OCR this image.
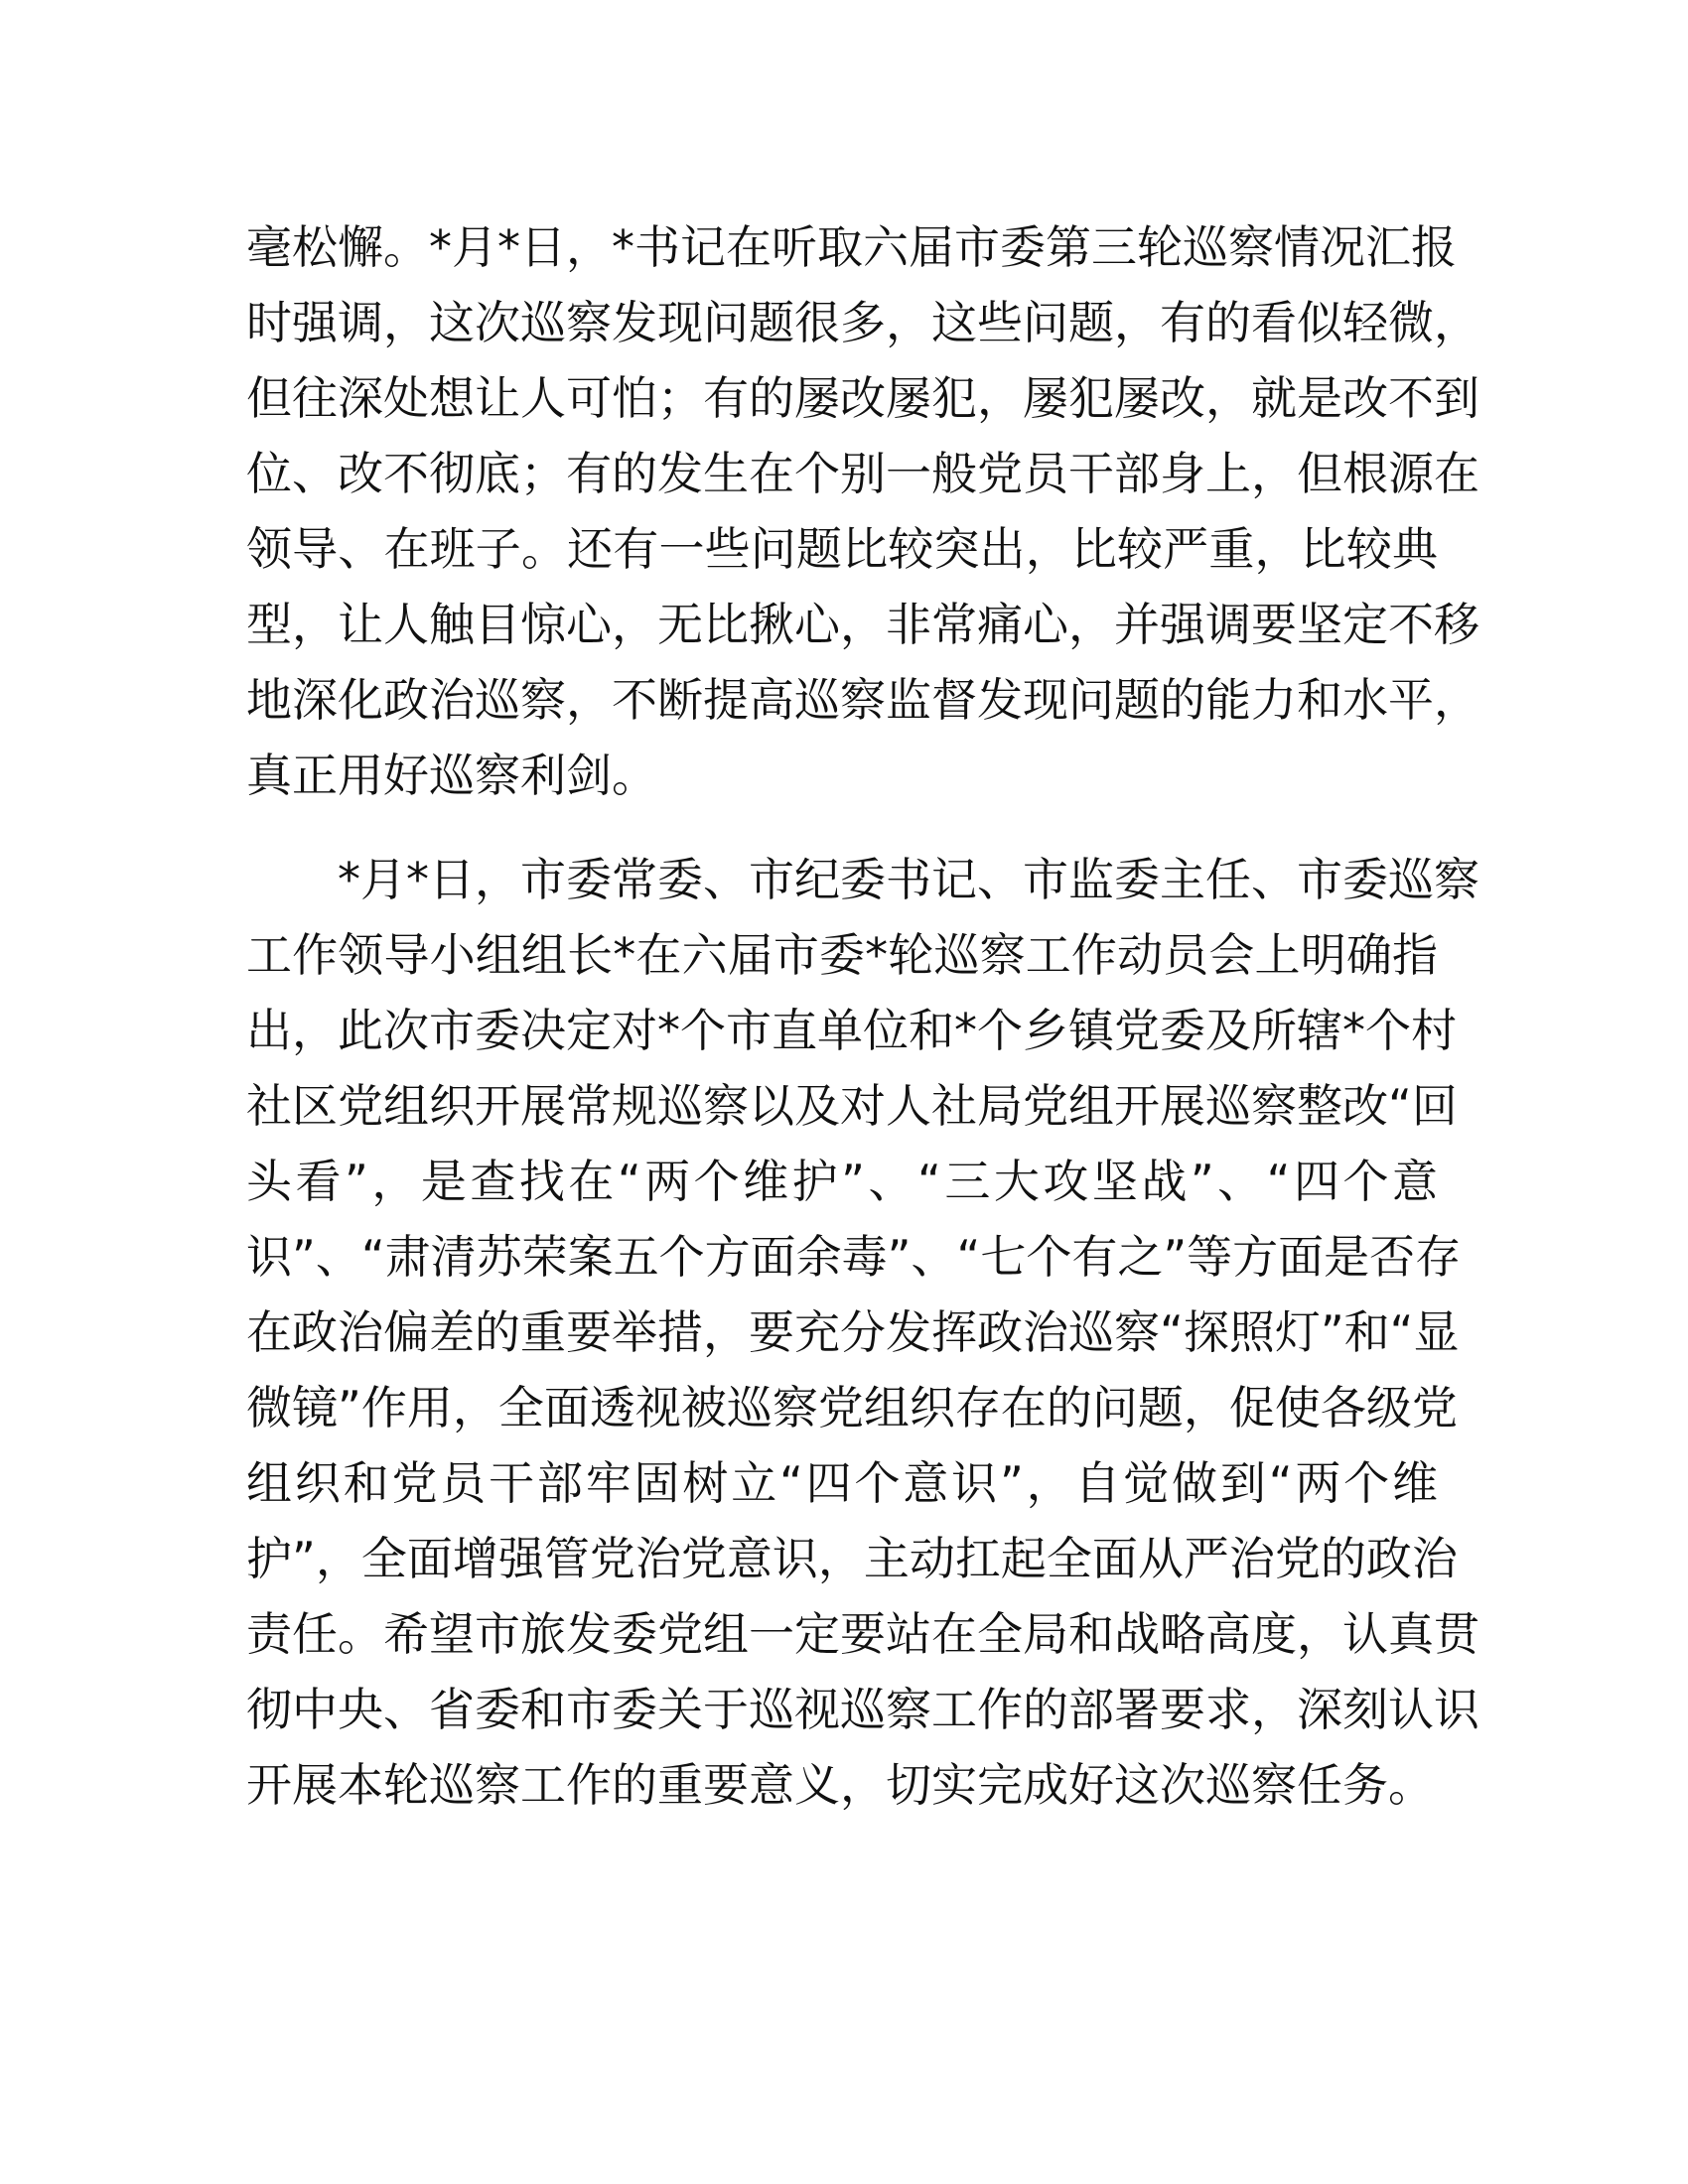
毫松懈。*月*日，*书记在听取六届市委第三轮巡察情况汇报
时强调，这次巡察发现问题很多，这些问题，有的看似轻微，
但往深处想让人可怕；有的屡改屡犯，屡犯屡改，就是改不到
位、改不彻底；有的发生在个别一般党员干部身上，但根源在
领导、在班子。还有一些问题比较突出，比较严重，比较典
型，让人触目惊心，无比揪心，非常痛心，并强调要坚定不移
地深化政治巡察，不断提高巡察监督发现问题的能力和水平，
真正用好巡察利剑。
*月*日，市委常委、市纪委书记、市监委主任、市委巡察
工作领导小组组长*在六届市委*轮巡察工作动员会上明确指
出，此次市委决定对*个市直单位和*个乡镇党委及所辖*个村
社区党组织开展常规巡察以及对人社局党组开展巡察整改“回
头看”，是查找在“两个维护”、“三大攻坚战”、“四个意
识”、“肃清苏荣案五个方面余毒”、“七个有之”等方面是否存
在政治偏差的重要举措，要充分发挥政治巡察“探照灯”和“显
微镜”作用，全面透视被巡察党组织存在的问题，促使各级党
组织和党员干部牢固树立“四个意识”，自觉做到“两个维
护”，全面增强管党治党意识，主动扛起全面从严治党的政治
责任。希望市旅发委党组一定要站在全局和战略高度，认真贯
彻中央、省委和市委关于巡视巡察工作的部署要求，深刻认识
开展本轮巡察工作的重要意义，切实完成好这次巡察任务。
